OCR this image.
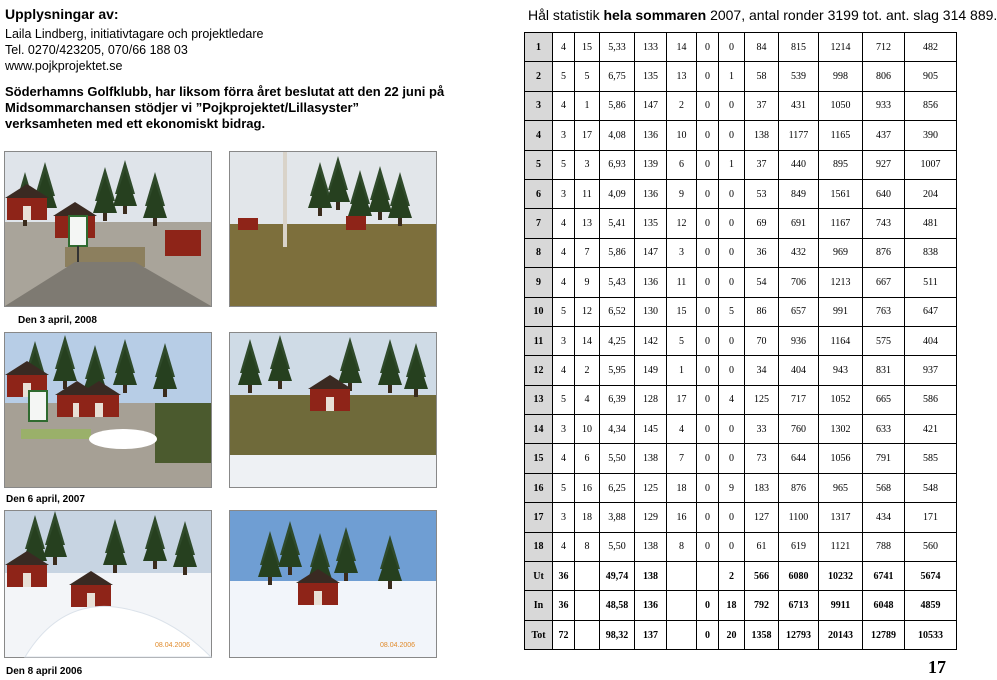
Upplysningar av:
Laila Lindberg, initiativtagare och projektledare
Tel. 0270/423205, 070/66 188 03
www.pojkprojektet.se
Söderhamns Golfklubb, har liksom förra året beslutat att den 22 juni på Midsommarchansen stödjer vi ”Pojkprojektet/Lillasyster” verksamheten med ett ekonomiskt bidrag.
Den 3 april, 2008
Den 6 april, 2007
08.04.2006	08.04.2006
Den 8 april 2006
Hål statistik hela sommaren 2007, antal ronder 3199 tot. ant. slag 314 889.
1	4	15	5,33	133	14	0	0	84	815	1214	712	482
2	5	5	6,75	135	13	0	1	58	539	998	806	905
3	4	1	5,86	147	2	0	0	37	431	1050	933	856
4	3	17	4,08	136	10	0	0	138	1177	1165	437	390
5	5	3	6,93	139	6	0	1	37	440	895	927	1007
6	3	11	4,09	136	9	0	0	53	849	1561	640	204
7	4	13	5,41	135	12	0	0	69	691	1167	743	481
8	4	7	5,86	147	3	0	0	36	432	969	876	838
9	4	9	5,43	136	11	0	0	54	706	1213	667	511
10	5	12	6,52	130	15	0	5	86	657	991	763	647
11	3	14	4,25	142	5	0	0	70	936	1164	575	404
12	4	2	5,95	149	1	0	0	34	404	943	831	937
13	5	4	6,39	128	17	0	4	125	717	1052	665	586
14	3	10	4,34	145	4	0	0	33	760	1302	633	421
15	4	6	5,50	138	7	0	0	73	644	1056	791	585
16	5	16	6,25	125	18	0	9	183	876	965	568	548
17	3	18	3,88	129	16	0	0	127	1100	1317	434	171
18	4	8	5,50	138	8	0	0	61	619	1121	788	560
Ut	36		49,74	138			2	566	6080	10232	6741	5674
In	36		48,58	136		0	18	792	6713	9911	6048	4859
Tot	72		98,32	137		0	20	1358	12793	20143	12789	10533
17
